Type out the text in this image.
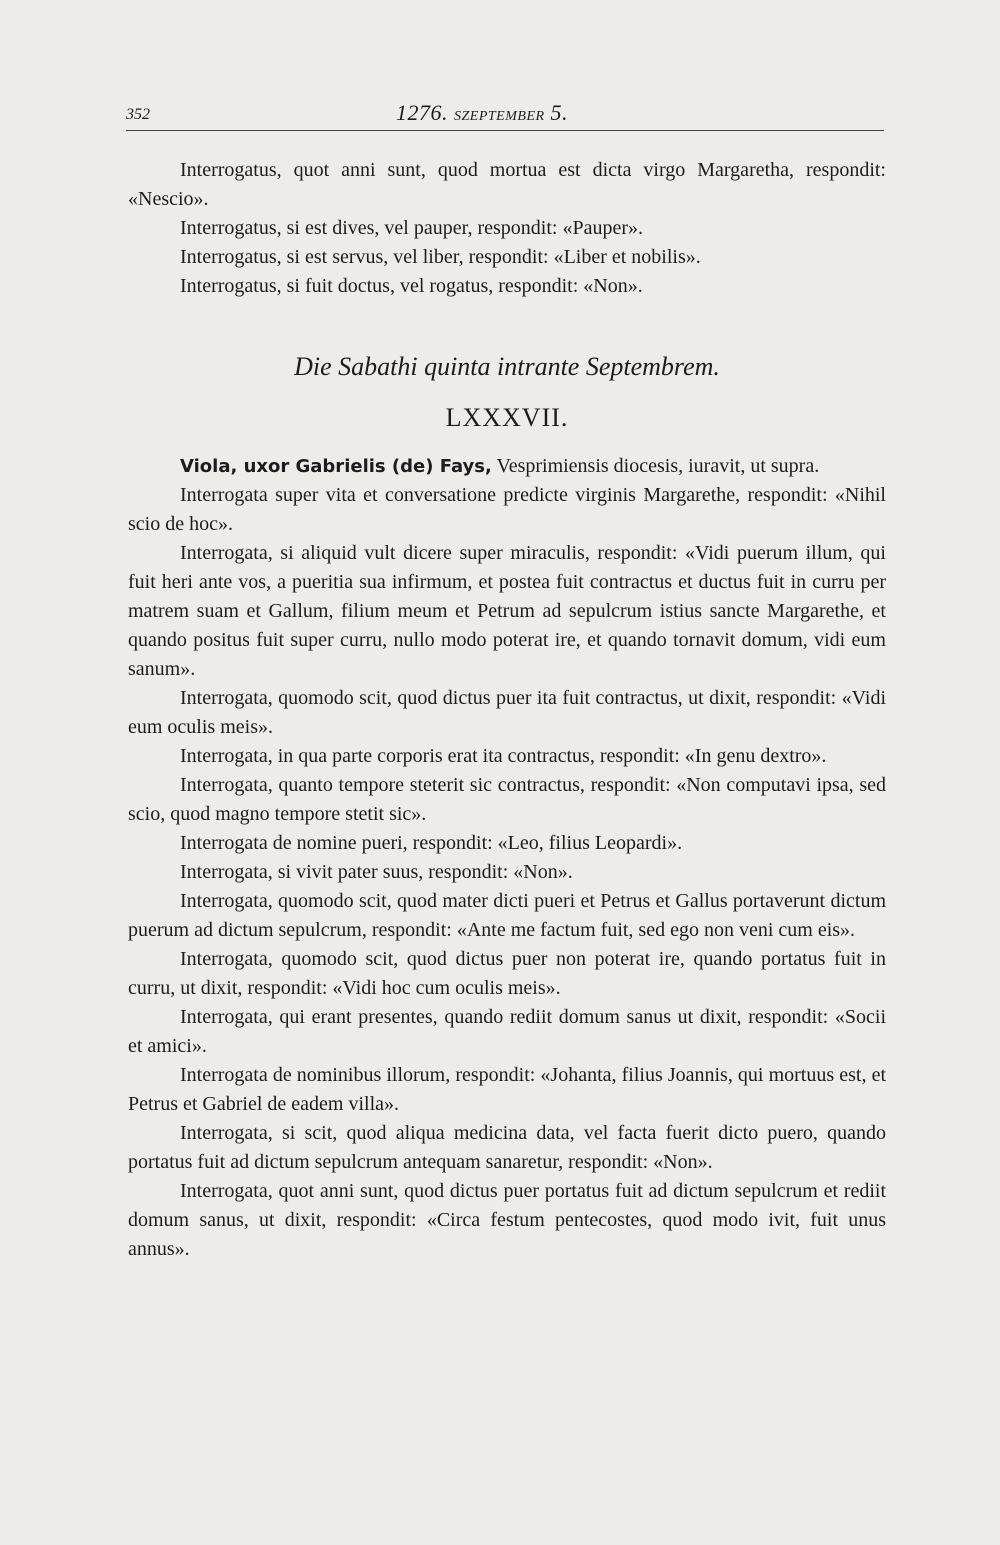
352	1276. SZEPTEMBER 5.

Interrogatus, quot anni sunt, quod mortua est dicta virgo Margaretha, respondit: «Nescio».

Interrogatus, si est dives, vel pauper, respondit: «Pauper».

Interrogatus, si est servus, vel liber, respondit: «Liber et nobilis».

Interrogatus, si fuit doctus, vel rogatus, respondit: «Non».

Die Sabathi quinta intrante Septembrem.

LXXXVII.

Viola, uxor Gabrielis (de) Fays, Vesprimiensis diocesis, iuravit, ut supra.

Interrogata super vita et conversatione predicte virginis Margarethe, respondit: «Nihil scio de hoc».

Interrogata, si aliquid vult dicere super miraculis, respondit: «Vidi puerum illum, qui fuit heri ante vos, a pueritia sua infirmum, et postea fuit contractus et ductus fuit in curru per matrem suam et Gallum, filium meum et Petrum ad sepulcrum istius sancte Margarethe, et quando positus fuit super curru, nullo modo poterat ire, et quando tornavit domum, vidi eum sanum».

Interrogata, quomodo scit, quod dictus puer ita fuit contractus, ut dixit, respondit: «Vidi eum oculis meis».

Interrogata, in qua parte corporis erat ita contractus, respondit: «In genu dextro».

Interrogata, quanto tempore steterit sic contractus, respondit: «Non computavi ipsa, sed scio, quod magno tempore stetit sic».

Interrogata de nomine pueri, respondit: «Leo, filius Leopardi».

Interrogata, si vivit pater suus, respondit: «Non».

Interrogata, quomodo scit, quod mater dicti pueri et Petrus et Gallus portaverunt dictum puerum ad dictum sepulcrum, respondit: «Ante me factum fuit, sed ego non veni cum eis».

Interrogata, quomodo scit, quod dictus puer non poterat ire, quando portatus fuit in curru, ut dixit, respondit: «Vidi hoc cum oculis meis».

Interrogata, qui erant presentes, quando rediit domum sanus ut dixit, respondit: «Socii et amici».

Interrogata de nominibus illorum, respondit: «Johanta, filius Joannis, qui mortuus est, et Petrus et Gabriel de eadem villa».

Interrogata, si scit, quod aliqua medicina data, vel facta fuerit dicto puero, quando portatus fuit ad dictum sepulcrum antequam sanaretur, respondit: «Non».

Interrogata, quot anni sunt, quod dictus puer portatus fuit ad dictum sepulcrum et rediit domum sanus, ut dixit, respondit: «Circa festum pentecostes, quod modo ivit, fuit unus annus».
